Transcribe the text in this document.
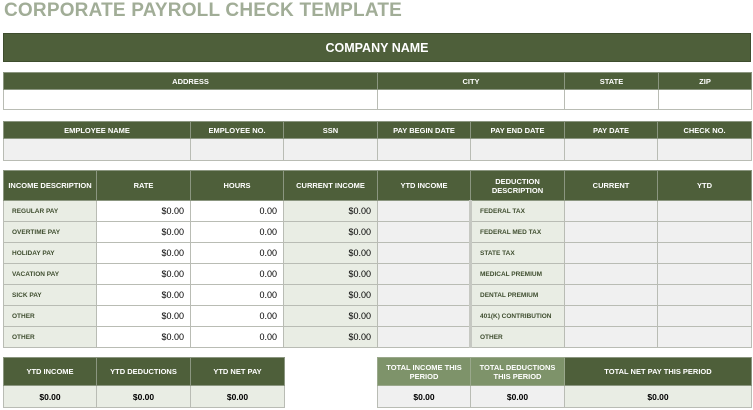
CORPORATE PAYROLL CHECK TEMPLATE
COMPANY NAME
ADDRESS	CITY	STATE	ZIP

EMPLOYEE NAME	EMPLOYEE NO.	SSN	PAY BEGIN DATE	PAY END DATE	PAY DATE	CHECK NO.

INCOME DESCRIPTION	RATE	HOURS	CURRENT INCOME	YTD INCOME	DEDUCTION DESCRIPTION	CURRENT	YTD
REGULAR PAY	$0.00	0.00	$0.00		FEDERAL TAX		
OVERTIME PAY	$0.00	0.00	$0.00		FEDERAL MED TAX		
HOLIDAY PAY	$0.00	0.00	$0.00		STATE TAX		
VACATION PAY	$0.00	0.00	$0.00		MEDICAL PREMIUM		
SICK PAY	$0.00	0.00	$0.00		DENTAL PREMIUM		
OTHER	$0.00	0.00	$0.00		401(K) CONTRIBUTION		
OTHER	$0.00	0.00	$0.00		OTHER		
YTD INCOME	YTD DEDUCTIONS	YTD NET PAY
$0.00	$0.00	$0.00
TOTAL INCOME THIS PERIOD	TOTAL DEDUCTIONS THIS PERIOD	TOTAL NET PAY THIS PERIOD
$0.00	$0.00	$0.00
